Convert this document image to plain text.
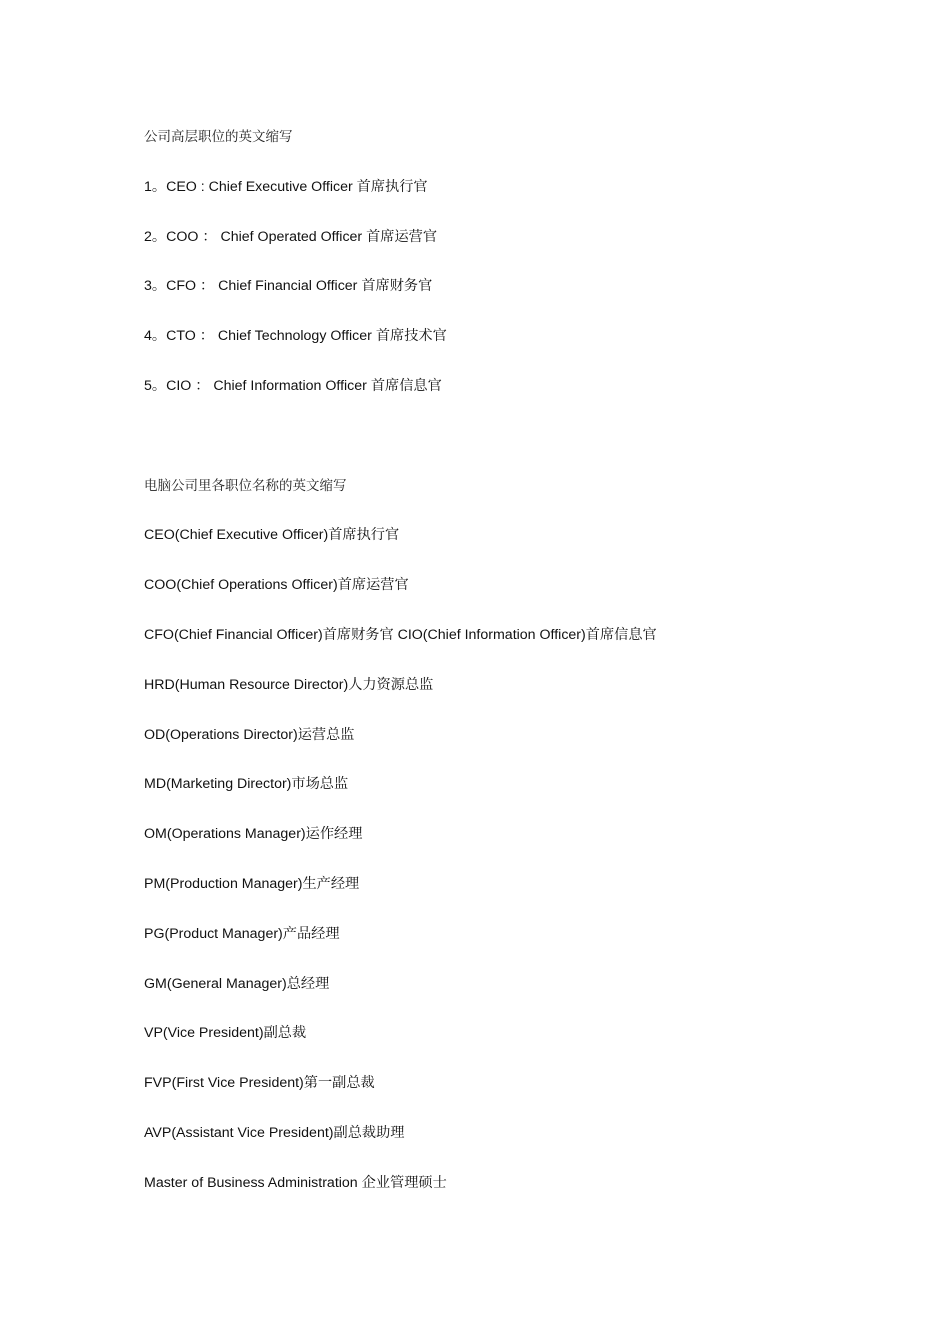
公司高层职位的英文缩写
1。CEO : Chief Executive Officer 首席执行官
2。COO ： Chief Operated Officer 首席运营官
3。CFO ： Chief Financial Officer 首席财务官
4。CTO ： Chief Technology Officer 首席技术官
5。CIO ： Chief Information Officer 首席信息官
电脑公司里各职位名称的英文缩写
CEO(Chief Executive Officer)首席执行官
COO(Chief Operations Officer)首席运营官
CFO(Chief Financial Officer)首席财务官 CIO(Chief Information Officer)首席信息官
HRD(Human Resource Director)人力资源总监
OD(Operations Director)运营总监
MD(Marketing Director)市场总监
OM(Operations Manager)运作经理
PM(Production Manager)生产经理
PG(Product Manager)产品经理
GM(General Manager)总经理
VP(Vice President)副总裁
FVP(First Vice President)第一副总裁
AVP(Assistant Vice President)副总裁助理
Master of Business Administration 企业管理硕士
